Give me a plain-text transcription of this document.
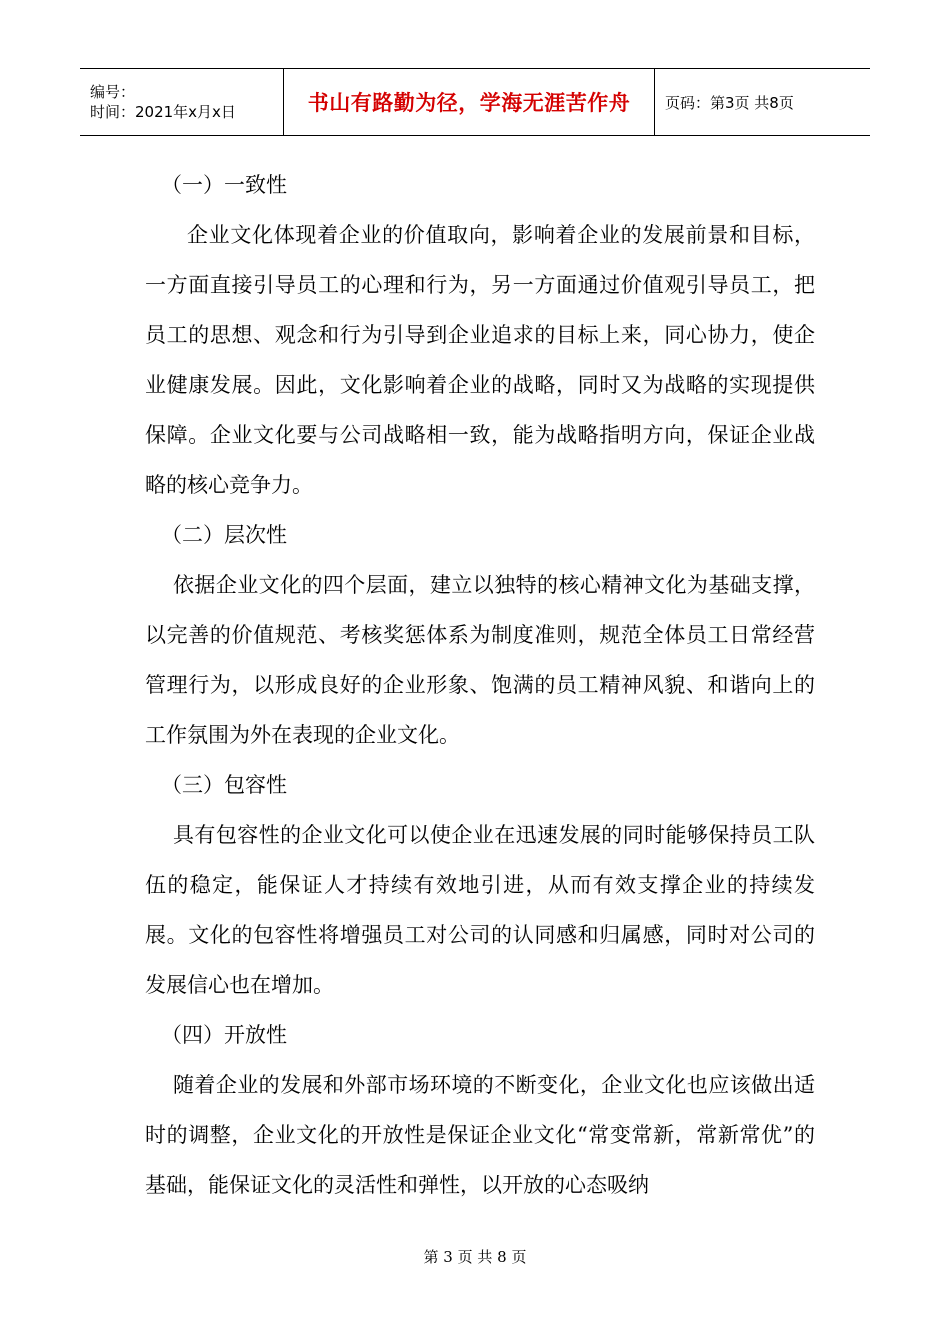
编号：
时间：2021年x月x日	书山有路勤为径，学海无涯苦作舟 页码：第3页 共8页

（一）一致性

企业文化体现着企业的价值取向，影响着企业的发展前景和目标，一方面直接引导员工的心理和行为，另一方面通过价值观引导员工，把员工的思想、观念和行为引导到企业追求的目标上来，同心协力，使企业健康发展。因此，文化影响着企业的战略，同时又为战略的实现提供保障。企业文化要与公司战略相一致，能为战略指明方向，保证企业战略的核心竞争力。

（二）层次性

依据企业文化的四个层面，建立以独特的核心精神文化为基础支撑，以完善的价值规范、考核奖惩体系为制度准则，规范全体员工日常经营管理行为，以形成良好的企业形象、饱满的员工精神风貌、和谐向上的工作氛围为外在表现的企业文化。

（三）包容性

具有包容性的企业文化可以使企业在迅速发展的同时能够保持员工队伍的稳定，能保证人才持续有效地引进，从而有效支撑企业的持续发展。文化的包容性将增强员工对公司的认同感和归属感，同时对公司的发展信心也在增加。

（四）开放性

随着企业的发展和外部市场环境的不断变化，企业文化也应该做出适时的调整，企业文化的开放性是保证企业文化“常变常新，常新常优”的基础，能保证文化的灵活性和弹性，以开放的心态吸纳

第 3 页 共 8 页
